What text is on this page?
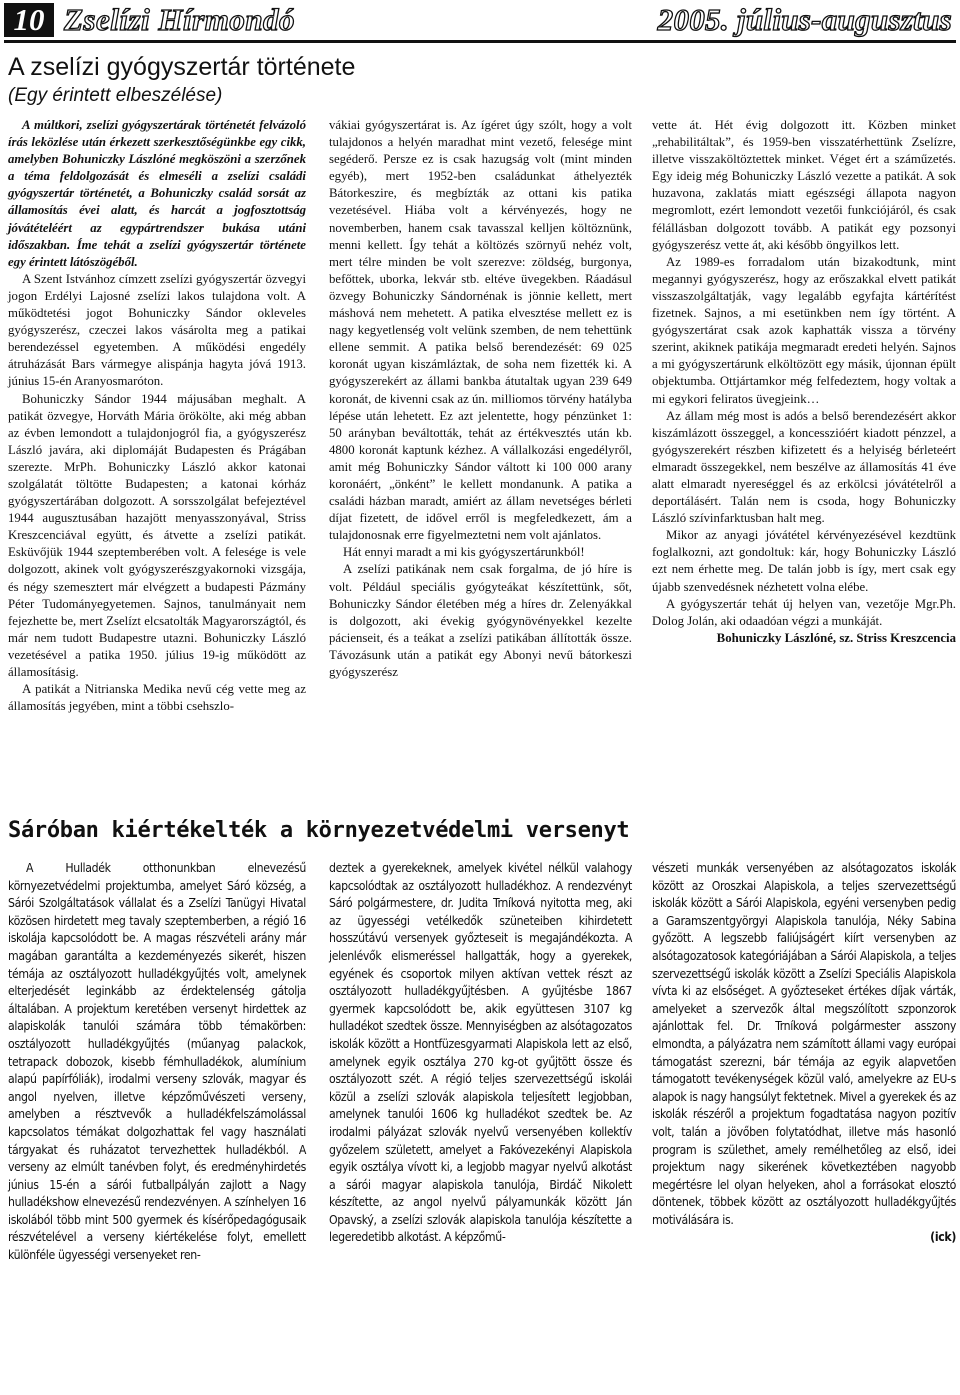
10 Zselízi Hírmondó	2005. július-augusztus
A zselízi gyógyszertár története
(Egy érintett elbeszélése)

A múltkori, zselízi gyógyszertárak történetét felvázoló írás leközlése után érkezett szerkesztőségünkbe egy cikk, amelyben Bohuniczky Lászlóné megköszöni a szerzőnek a téma feldolgozását és elmeséli a zselízi családi gyógyszertár történetét, a Bohuniczky család sorsát az államosítás évei alatt, és harcát a jogfosztottság jóvátételéért az egypártrendszer bukása utáni időszakban. Íme tehát a zselízi gyógyszertár története egy érintett látószögéből.

A Szent Istvánhoz címzett zselízi gyógyszertár özvegyi jogon Erdélyi Lajosné zselízi lakos tulajdona volt. A működtetési jogot Bohuniczky Sándor okleveles gyógyszerész, czeczei lakos vásárolta meg a patikai berendezéssel egyetemben. A működési engedély átruházását Bars vármegye alispánja hagyta jóvá 1913. június 15-én Aranyosmaróton.

Bohuniczky Sándor 1944 májusában meghalt. A patikát özvegye, Horváth Mária örökölte, aki még abban az évben lemondott a tulajdonjogról fia, a gyógyszerész László javára, aki diplomáját Budapesten és Prágában szerezte. MrPh. Bohuniczky László akkor katonai szolgálatát töltötte Budapesten; a katonai kórház gyógyszertárában dolgozott. A sorsszolgálat befejeztével 1944 augusztusában hazajött menyasszonyával, Striss Kreszcenciával együtt, és átvette a zselízi patikát. Esküvőjük 1944 szeptemberében volt. A felesége is vele dolgozott, akinek volt gyógyszerészgyakornoki vizsgája, és négy szemesztert már elvégzett a budapesti Pázmány Péter Tudományegyetemen. Sajnos, tanulmányait nem fejezhette be, mert Zselízt elcsatolták Magyarországtól, és már nem tudott Budapestre utazni. Bohuniczky László vezetésével a patika 1950. július 19-ig működött az államosításig.

A patikát a Nitrianska Medika nevű cég vette meg az államosítás jegyében, mint a többi csehszlo-

vákiai gyógyszertárat is. Az ígéret úgy szólt, hogy a volt tulajdonos a helyén maradhat mint vezető, felesége mint segéderő. Persze ez is csak hazugság volt (mint minden egyéb), mert 1952-ben családunkat áthelyezték Bátorkeszire, és megbízták az ottani kis patika vezetésével. Hiába volt a kérvényezés, hogy ne novemberben, hanem csak tavasszal kelljen költöznünk, menni kellett. Így tehát a költözés szörnyű nehéz volt, mert télre minden be volt szerezve: zöldség, burgonya, befőttek, uborka, lekvár stb. eltéve üvegekben. Ráadásul özvegy Bohuniczky Sándornénak is jönnie kellett, mert máshová nem mehetett. A patika elvesztése mellett ez is nagy kegyetlenség volt velünk szemben, de nem tehettünk ellene semmit. A patika belső berendezését: 69 025 koronát ugyan kiszámláztak, de soha nem fizették ki. A gyógyszerekért az állami bankba átutaltak ugyan 239 649 koronát, de kivenni csak az ún. milliomos törvény hatályba lépése után lehetett. Ez azt jelentette, hogy pénzünket 1: 50 arányban beváltották, tehát az értékvesztés után kb. 4800 koronát kaptunk kézhez. A vállalkozási engedélyről, amit még Bohuniczky Sándor váltott ki 100 000 arany koronáért, „önként” le kellett mondanunk. A patika a családi házban maradt, amiért az állam nevetséges bérleti díjat fizetett, de idővel erről is megfeledkezett, ám a tulajdonosnak erre figyelmeztetni nem volt ajánlatos.

Hát ennyi maradt a mi kis gyógyszertárunkból!

A zselízi patikának nem csak forgalma, de jó híre is volt. Például speciális gyógyteákat készítettünk, sőt, Bohuniczky Sándor életében még a híres dr. Zelenyákkal is dolgozott, aki évekig gyógynövényekkel kezelte pácienseit, és a teákat a zselízi patikában állították össze. Távozásunk után a patikát egy Abonyi nevű bátorkeszi gyógyszerész

vette át. Hét évig dolgozott itt. Közben minket „rehabilitáltak”, és 1959-ben visszatérhettünk Zselízre, illetve visszaköltöztettek minket. Véget ért a száműzetés. Egy ideig még Bohuniczky László vezette a patikát. A sok huzavona, zaklatás miatt egészségi állapota nagyon megromlott, ezért lemondott vezetői funkciójáról, és csak félállásban dolgozott tovább. A patikát egy pozsonyi gyógyszerész vette át, aki később öngyilkos lett.

Az 1989-es forradalom után bizakodtunk, mint megannyi gyógyszerész, hogy az erőszakkal elvett patikát visszaszolgáltatják, vagy legalább egyfajta kártérítést fizetnek. Sajnos, a mi esetünkben nem így történt. A gyógyszertárat csak azok kaphatták vissza a törvény szerint, akiknek patikája megmaradt eredeti helyén. Sajnos a mi gyógyszertárunk elköltözött egy másik, újonnan épült objektumba. Ottjártamkor még felfedeztem, hogy voltak a mi egykori feliratos üvegjeink…

Az állam még most is adós a belső berendezésért akkor kiszámlázott összeggel, a koncesszióért kiadott pénzzel, a gyógyszerekért részben kifizetett és a helyiség bérleteért elmaradt összegekkel, nem beszélve az államosítás 41 éve alatt elmaradt nyereséggel és az erkölcsi jóvátételről a deportálásért. Talán nem is csoda, hogy Bohuniczky László szívinfarktusban halt meg.

Mikor az anyagi jóvátétel kérvényezésével kezdtünk foglalkozni, azt gondoltuk: kár, hogy Bohuniczky László ezt nem érhette meg. De talán jobb is így, mert csak egy újabb szenvedésnek nézhetett volna elébe.

A gyógyszertár tehát új helyen van, vezetője Mgr.Ph. Dolog Jolán, aki odaadóan végzi a munkáját.

Bohuniczky Lászlóné, sz. Striss Kreszcencia

Sáróban kiértékelték a környezetvédelmi versenyt

A Hulladék otthonunkban elnevezésű környezetvédelmi projektumba, amelyet Sáró község, a Sárói Szolgáltatások vállalat és a Zselízi Tanügyi Hivatal közösen hirdetett meg tavaly szeptemberben, a régió 16 iskolája kapcsolódott be. A magas részvételi arány már magában garantálta a kezdeményezés sikerét, hiszen témája az osztályozott hulladékgyűjtés volt, amelynek elterjedését leginkább az érdektelenség gátolja általában. A projektum keretében versenyt hirdettek az alapiskolák tanulói számára több témakörben: osztályozott hulladékgyűjtés (műanyag palackok, tetrapack dobozok, kisebb fémhulladékok, alumínium alapú papírfóliák), irodalmi verseny szlovák, magyar és angol nyelven, illetve képzőművészeti verseny, amelyben a résztvevők a hulladékfelszámolással kapcsolatos témákat dolgozhattak fel vagy használati tárgyakat és ruházatot tervezhettek hulladékból. A verseny az elmúlt tanévben folyt, és eredményhirdetés június 15-én a sárói futballpályán zajlott a Nagy hulladékshow elnevezésű rendezvényen. A színhelyen 16 iskolából több mint 500 gyermek és kísérőpedagógusaik részvételével a verseny kiértékelése folyt, emellett különféle ügyességi versenyeket ren-

deztek a gyerekeknek, amelyek kivétel nélkül valahogy kapcsolódtak az osztályozott hulladékhoz. A rendezvényt Sáró polgármestere, dr. Judita Trníková nyitotta meg, aki az ügyességi vetélkedők szüneteiben kihirdetett hosszútávú versenyek győzteseit is megajándékozta. A jelenlévők elismeréssel hallgatták, hogy a gyerekek, egyének és csoportok milyen aktívan vettek részt az osztályozott hulladékgyűjtésben. A gyűjtésbe 1867 gyermek kapcsolódott be, akik együttesen 3107 kg hulladékot szedtek össze. Mennyiségben az alsótagozatos iskolák között a Hontfüzesgyarmati Alapiskola lett az első, amelynek egyik osztálya 270 kg-ot gyűjtött össze és osztályozott szét. A régió teljes szervezettségű iskolái közül a zselízi szlovák alapiskola teljesített legjobban, amelynek tanulói 1606 kg hulladékot szedtek be. Az irodalmi pályázat szlovák nyelvű versenyében kollektív győzelem született, amelyet a Fakóvezekényi Alapiskola egyik osztálya vívott ki, a legjobb magyar nyelvű alkotást a sárói magyar alapiskola tanulója, Birdáč Nikolett készítette, az angol nyelvű pályamunkák között Ján Opavský, a zselízi szlovák alapiskola tanulója készítette a legeredetibb alkotást. A képzőmű-

vészeti munkák versenyében az alsótagozatos iskolák között az Oroszkai Alapiskola, a teljes szervezettségű iskolák között a Sárói Alapiskola, egyéni versenyben pedig a Garamszentgyörgyi Alapiskola tanulója, Néky Sabina győzött. A legszebb faliújságért kiírt versenyben az alsótagozatosok kategóriájában a Sárói Alapiskola, a teljes szervezettségű iskolák között a Zselízi Speciális Alapiskola vívta ki az elsőséget. A győzteseket értékes díjak várták, amelyeket a szervezők által megszólított szponzorok ajánlottak fel. Dr. Trníková polgármester asszony elmondta, a pályázatra nem számított állami vagy európai támogatást szerezni, bár témája az egyik alapvetően támogatott tevékenységek közül való, amelyekre az EU-s alapok is nagy hangsúlyt fektetnek. Mivel a gyerekek és az iskolák részéről a projektum fogadtatása nagyon pozitív volt, talán a jövőben folytatódhat, illetve más hasonló program is születhet, amely remélhetőleg az első, idei projektum nagy sikerének következtében nagyobb megértésre lel olyan helyeken, ahol a forrásokat elosztó döntenek, többek között az osztályozott hulladékgyűjtés motiválására is.

(ick)
